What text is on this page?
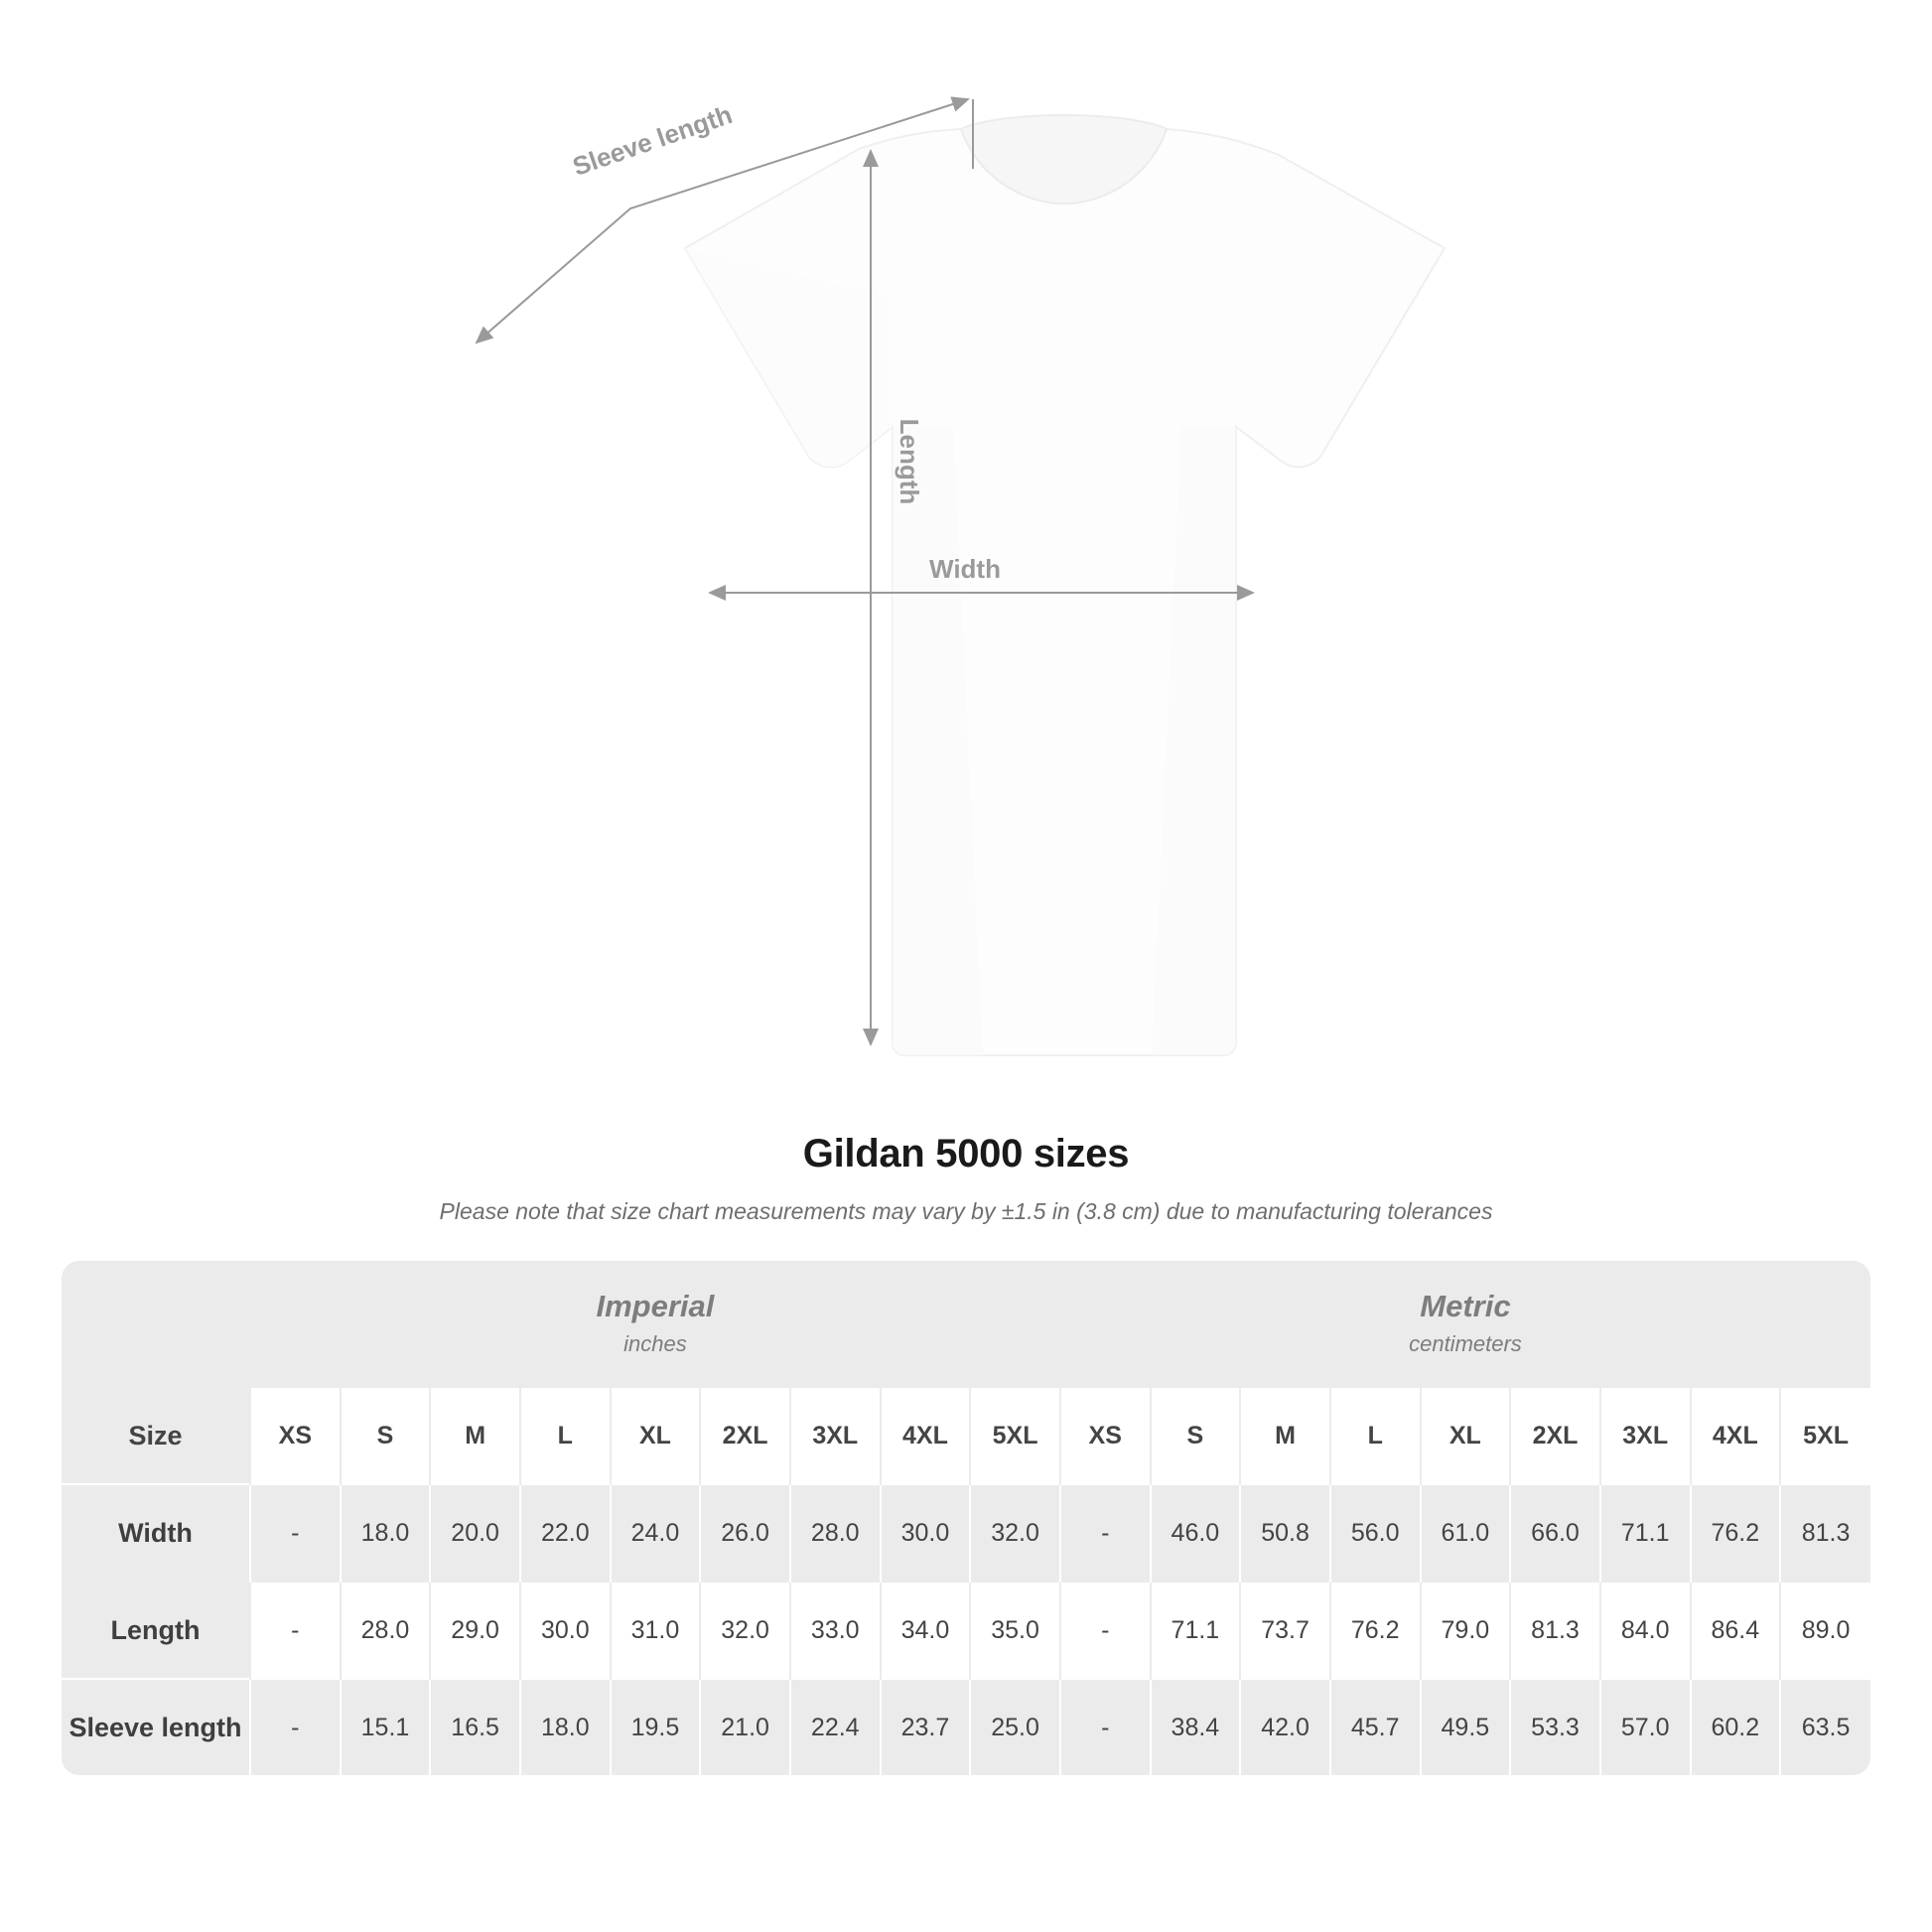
Sleeve length
Length
Width
Gildan 5000 sizes
Please note that size chart measurements may vary by ±1.5 in (3.8 cm) due to manufacturing tolerances

Imperial
inches

Metric
centimeters

Size	XS	S	M	L	XL	2XL	3XL	4XL	5XL	XS	S	M	L	XL	2XL	3XL	4XL	5XL
Width	-	18.0	20.0	22.0	24.0	26.0	28.0	30.0	32.0	-	46.0	50.8	56.0	61.0	66.0	71.1	76.2	81.3
Length	-	28.0	29.0	30.0	31.0	32.0	33.0	34.0	35.0	-	71.1	73.7	76.2	79.0	81.3	84.0	86.4	89.0
Sleeve length	-	15.1	16.5	18.0	19.5	21.0	22.4	23.7	25.0	-	38.4	42.0	45.7	49.5	53.3	57.0	60.2	63.5
